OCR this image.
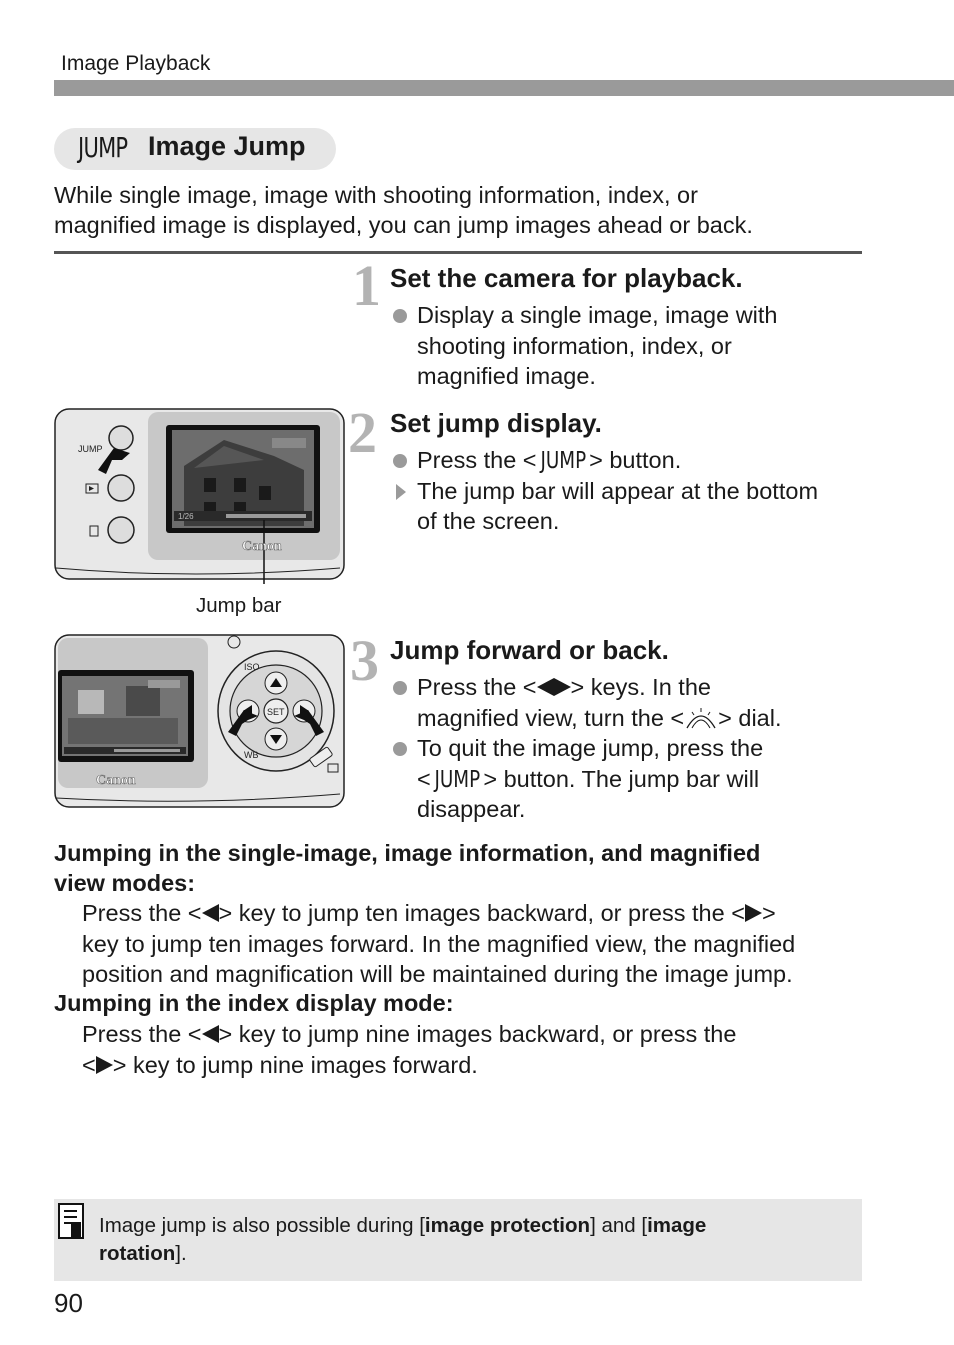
Image Playback
JUMP Image Jump
While single image, image with shooting information, index, or
magnified image is displayed, you can jump images ahead or back.
1 Set the camera for playback.
Display a single image, image with
shooting information, index, or
magnified image.
1/26
Canon
JUMP
Jump bar
2 Set jump display.
Press the < JUMP > button.
The jump bar will appear at the bottom
of the screen.
Canon
SET
ISO
WB
3 Jump forward or back.
Press the < > keys. In the
magnified view, turn the < > dial.
To quit the image jump, press the
< JUMP > button. The jump bar will
disappear.
Jumping in the single-image, image information, and magnified
view modes:
Press the < > key to jump ten images backward, or press the < >
key to jump ten images forward. In the magnified view, the magnified
position and magnification will be maintained during the image jump.
Jumping in the index display mode:
Press the < > key to jump nine images backward, or press the
< > key to jump nine images forward.
Image jump is also possible during [image protection] and [image
rotation].
90
